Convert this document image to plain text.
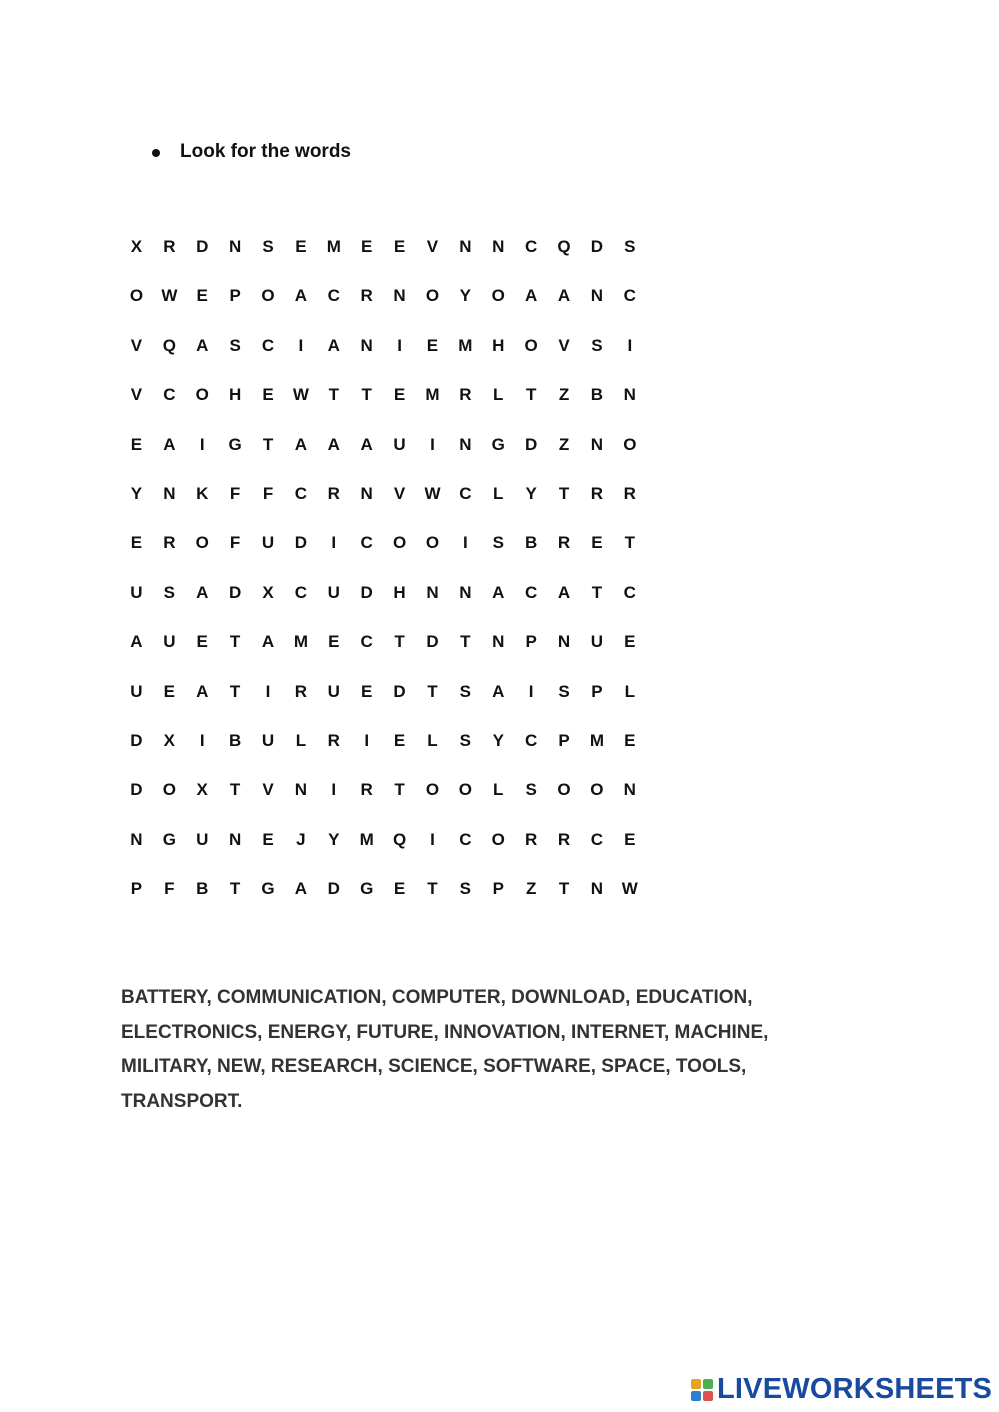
Look for the words
X	R	D	N	S	E	M	E	E	V	N	N	C	Q	D	S
O	W	E	P	O	A	C	R	N	O	Y	O	A	A	N	C
V	Q	A	S	C	I	A	N	I	E	M	H	O	V	S	I
V	C	O	H	E	W	T	T	E	M	R	L	T	Z	B	N
E	A	I	G	T	A	A	A	U	I	N	G	D	Z	N	O
Y	N	K	F	F	C	R	N	V	W	C	L	Y	T	R	R
E	R	O	F	U	D	I	C	O	O	I	S	B	R	E	T
U	S	A	D	X	C	U	D	H	N	N	A	C	A	T	C
A	U	E	T	A	M	E	C	T	D	T	N	P	N	U	E
U	E	A	T	I	R	U	E	D	T	S	A	I	S	P	L
D	X	I	B	U	L	R	I	E	L	S	Y	C	P	M	E
D	O	X	T	V	N	I	R	T	O	O	L	S	O	O	N
N	G	U	N	E	J	Y	M	Q	I	C	O	R	R	C	E
P	F	B	T	G	A	D	G	E	T	S	P	Z	T	N	W
BATTERY, COMMUNICATION, COMPUTER, DOWNLOAD, EDUCATION,
ELECTRONICS, ENERGY, FUTURE, INNOVATION, INTERNET, MACHINE,
MILITARY, NEW, RESEARCH, SCIENCE, SOFTWARE, SPACE, TOOLS,
TRANSPORT.
LIVEWORKSHEETS
